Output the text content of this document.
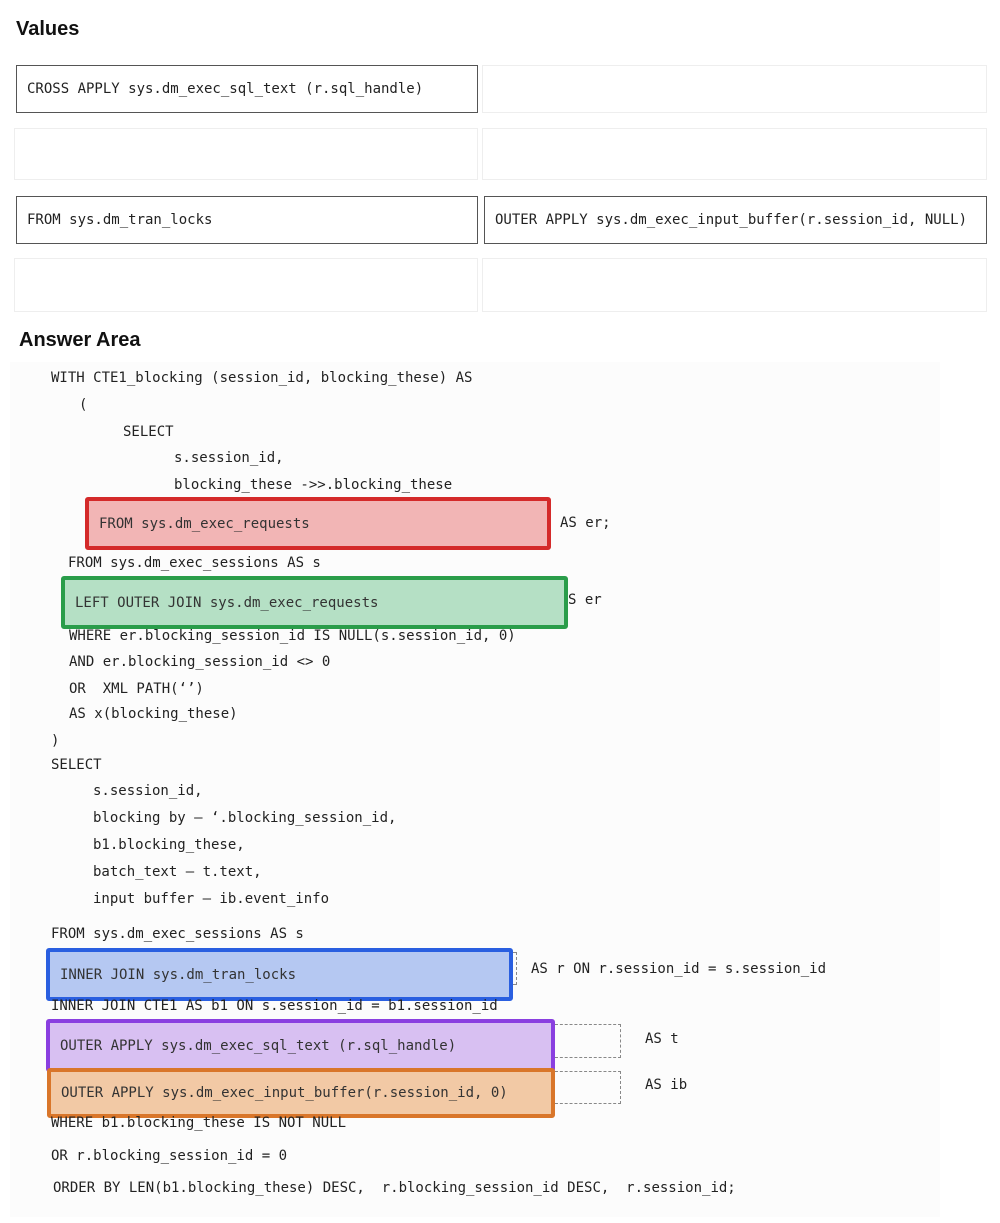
Values
CROSS APPLY sys.dm_exec_sql_text (r.sql_handle)
FROM sys.dm_tran_locks	OUTER APPLY sys.dm_exec_input_buffer(r.session_id, NULL)
Answer Area
WITH CTE1_blocking (session_id, blocking_these) AS
(
SELECT
s.session_id,
blocking_these ->>.blocking_these
FROM sys.dm_exec_requests	AS er;
FROM sys.dm_exec_sessions AS s
LEFT OUTER JOIN sys.dm_exec_requests	S er
WHERE er.blocking_session_id IS NULL(s.session_id, 0)
AND er.blocking_session_id <> 0
OR  XML PATH(‘’)
AS x(blocking_these)
)
SELECT
s.session_id,
blocking by – ‘.blocking_session_id,
b1.blocking_these,
batch_text – t.text,
input buffer – ib.event_info
FROM sys.dm_exec_sessions AS s
INNER JOIN sys.dm_tran_locks	AS r ON r.session_id = s.session_id
INNER JOIN CTE1 AS b1 ON s.session_id = b1.session_id
OUTER APPLY sys.dm_exec_sql_text (r.sql_handle)	AS t
OUTER APPLY sys.dm_exec_input_buffer(r.session_id, 0)	AS ib
WHERE b1.blocking_these IS NOT NULL
OR r.blocking_session_id = 0
ORDER BY LEN(b1.blocking_these) DESC,  r.blocking_session_id DESC,  r.session_id;
